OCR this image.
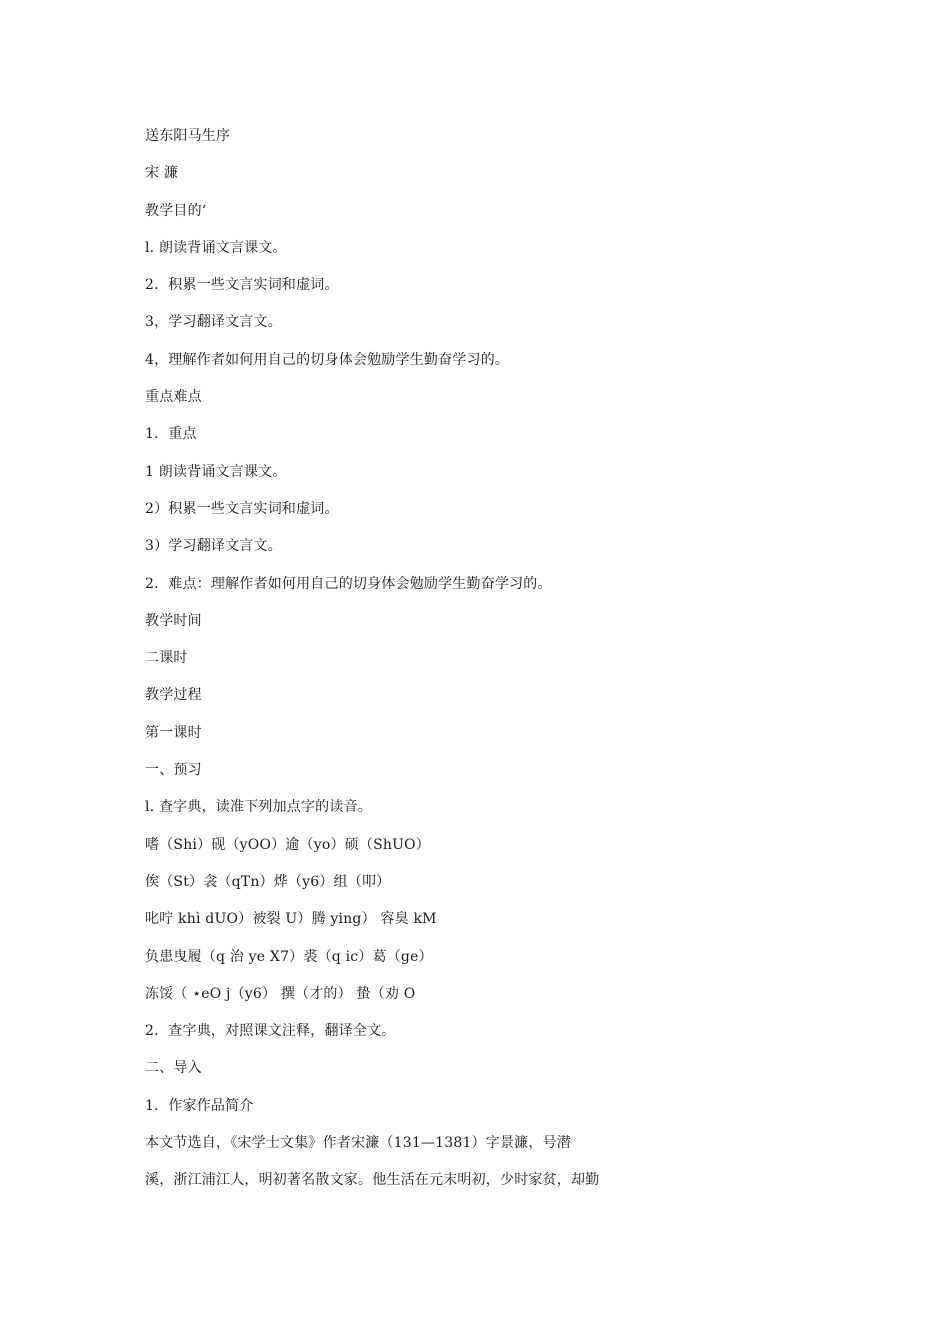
送东阳马生序
宋 濂
教学目的‘
l. 朗读背诵文言课文。
2．积累一些文言实词和虚词。
3，学习翻译文言文。
4，理解作者如何用自己的切身体会勉励学生勤奋学习的。
重点难点
1．重点
1 朗读背诵文言课文。
2）积累一些文言实词和虚词。
3）学习翻译文言文。
2．难点：理解作者如何用自己的切身体会勉励学生勤奋学习的。
教学时间
二课时
教学过程
第一课时
一、预习
l. 查字典，读准下列加点字的读音。
嗜（Shi）砚（yOO）逾（yo）硕（ShUO）
俟（St）衾（qTn）烨（y6）组（叩）
叱咛 khì dUO）被裂 U）腾 ying） 容臭 kM
负患曳履（q 治 ye X7）裘（q ic）葛（ge）
冻馁（ ⋆eO j（y6） 撰（才的） 蛰（劝 O
2．查字典，对照课文注释，翻译全文。
二、导入
1．作家作品简介
本文节选自，《宋学士文集》作者宋濂（131—1381）字景濂，号潜
溪，浙江浦江人，明初著名散文家。他生活在元末明初，少时家贫，却勤
